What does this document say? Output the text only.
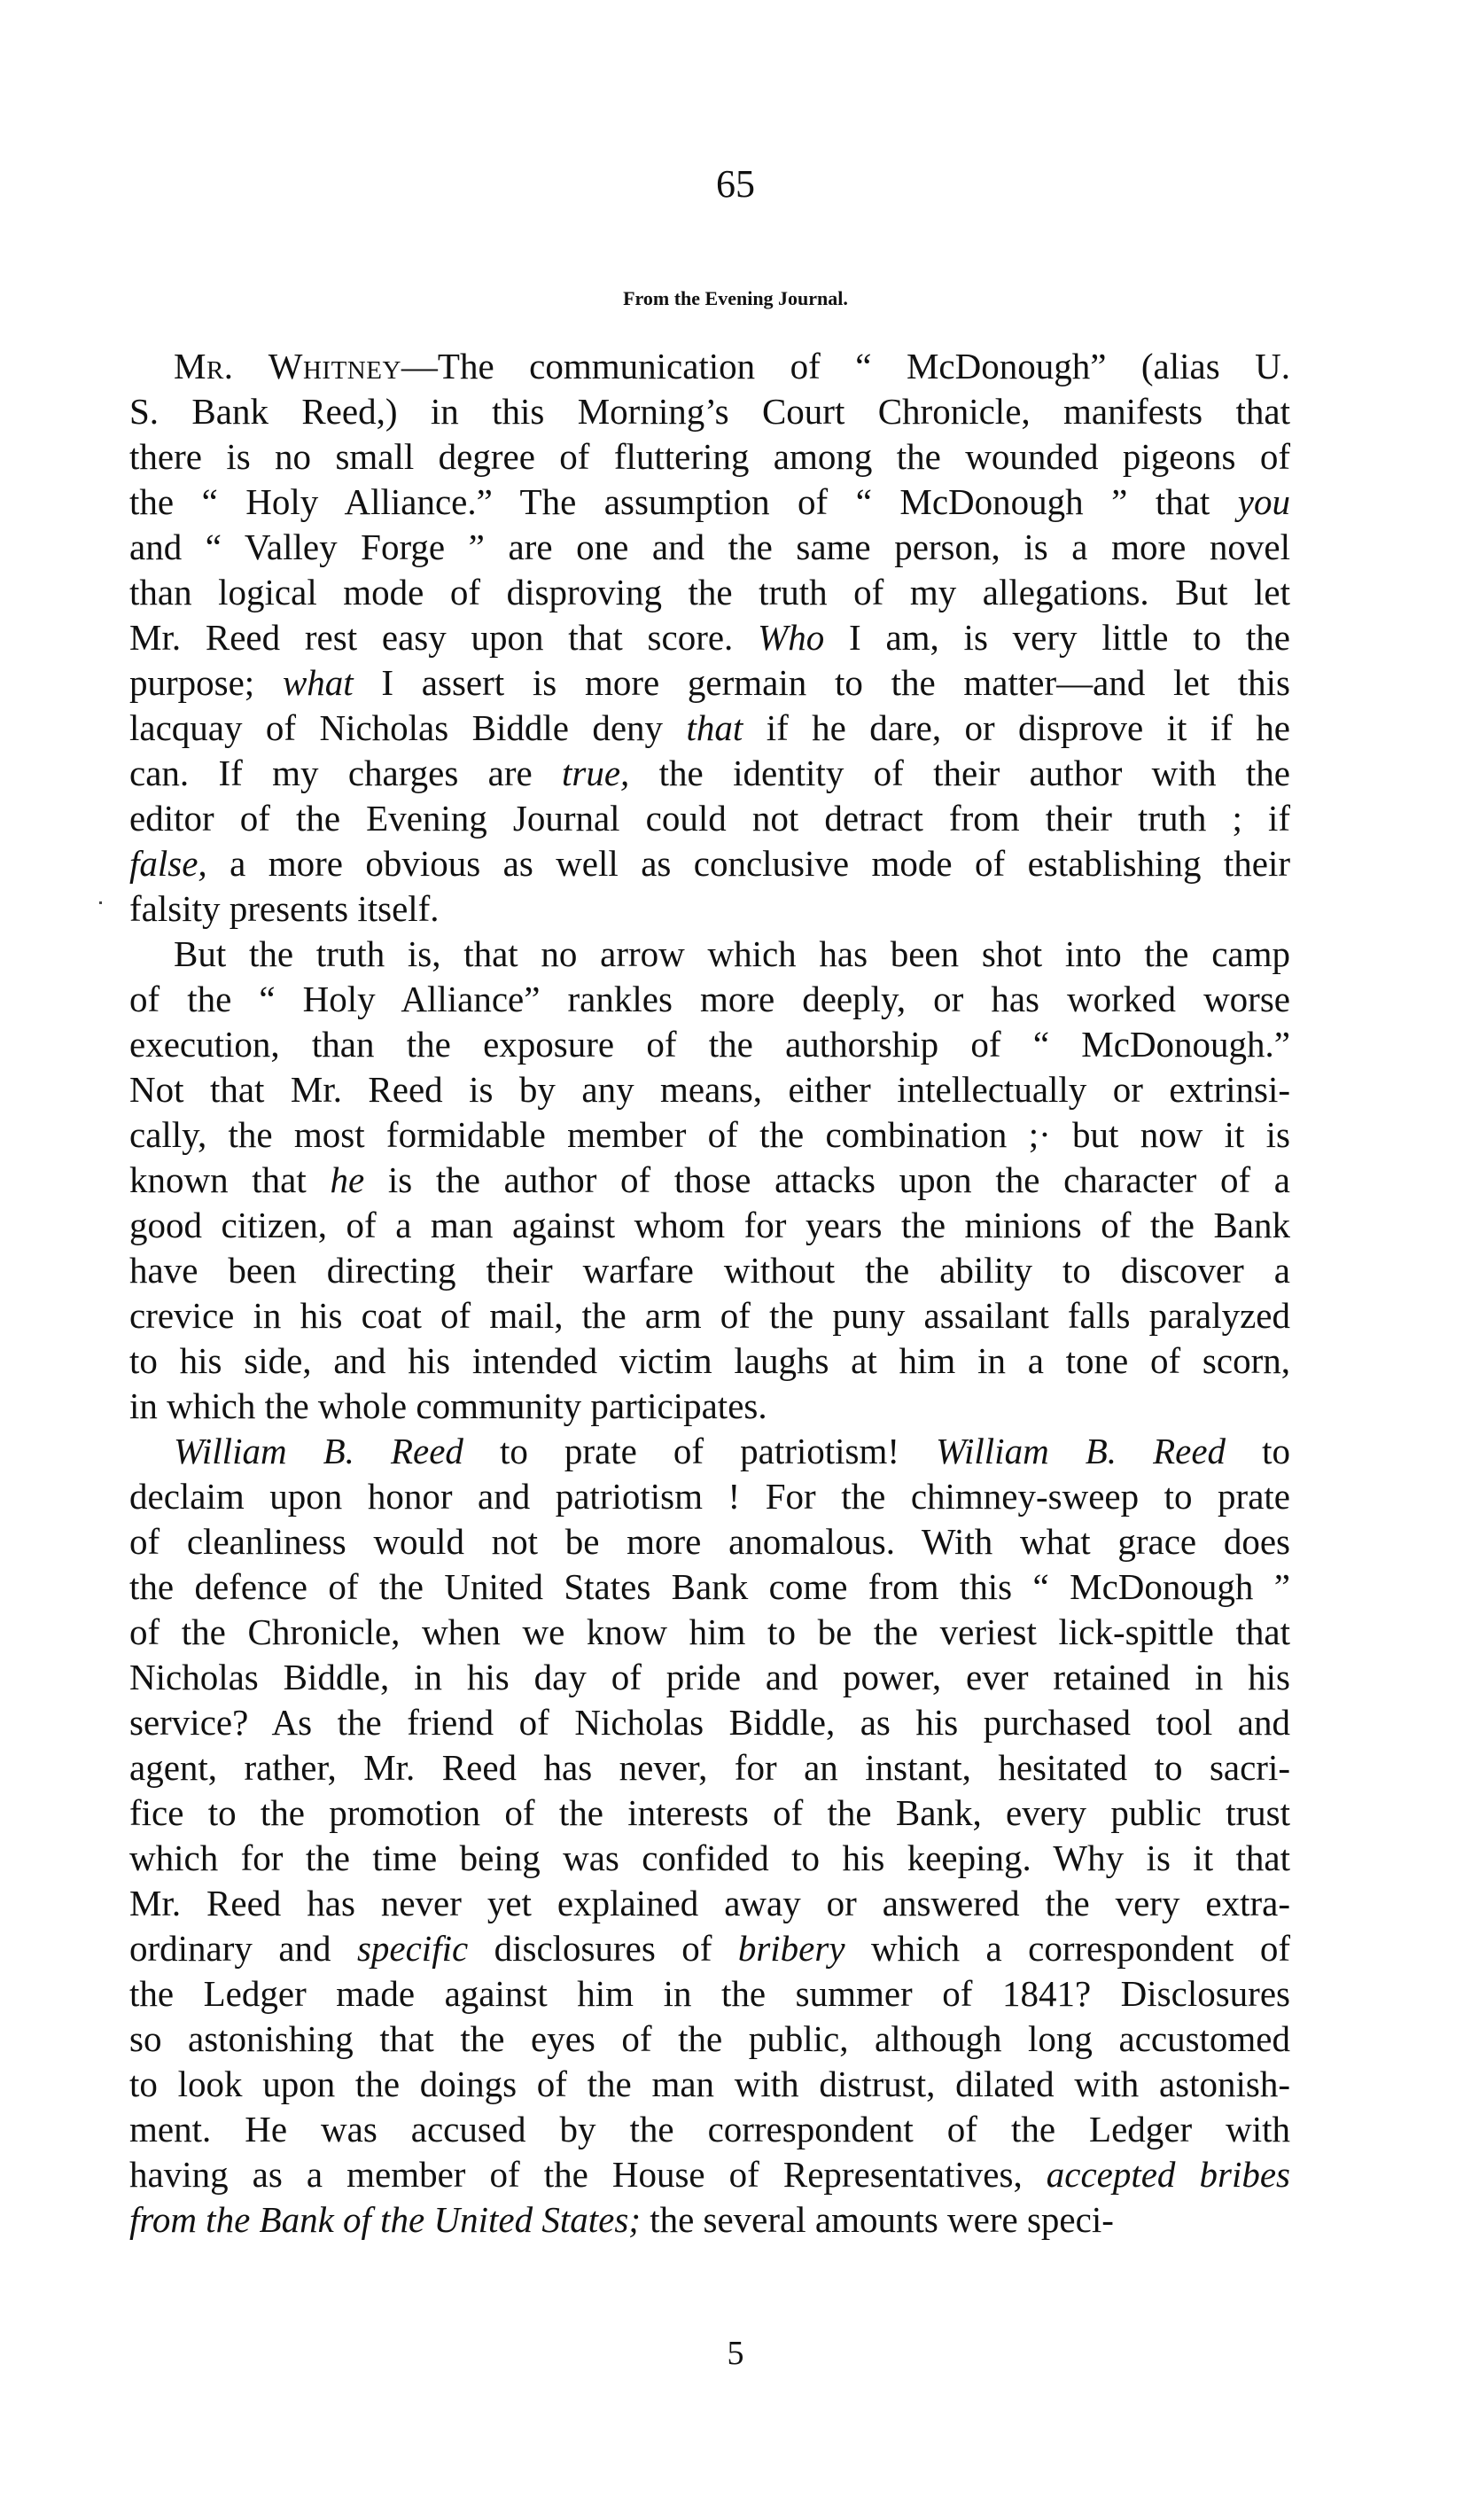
65
From the Evening Journal.
Mr. Whitney—The communication of “ McDonough” (alias U.
S. Bank Reed,) in this Morning’s Court Chronicle, manifests that
there is no small degree of fluttering among the wounded pigeons of
the “ Holy Alliance.” The assumption of “ McDonough ” that you
and “ Valley Forge ” are one and the same person, is a more novel
than logical mode of disproving the truth of my allegations. But let
Mr. Reed rest easy upon that score. Who I am, is very little to the
purpose; what I assert is more germain to the matter—and let this
lacquay of Nicholas Biddle deny that if he dare, or disprove it if he
can. If my charges are true, the identity of their author with the
editor of the Evening Journal could not detract from their truth ; if
false, a more obvious as well as conclusive mode of establishing their
falsity presents itself.
But the truth is, that no arrow which has been shot into the camp
of the “ Holy Alliance” rankles more deeply, or has worked worse
execution, than the exposure of the authorship of “ McDonough.”
Not that Mr. Reed is by any means, either intellectually or extrinsi-
cally, the most formidable member of the combination ;· but now it is
known that he is the author of those attacks upon the character of a
good citizen, of a man against whom for years the minions of the Bank
have been directing their warfare without the ability to discover a
crevice in his coat of mail, the arm of the puny assailant falls paralyzed
to his side, and his intended victim laughs at him in a tone of scorn,
in which the whole community participates.
William B. Reed to prate of patriotism! William B. Reed to
declaim upon honor and patriotism ! For the chimney-sweep to prate
of cleanliness would not be more anomalous. With what grace does
the defence of the United States Bank come from this “ McDonough ”
of the Chronicle, when we know him to be the veriest lick-spittle that
Nicholas Biddle, in his day of pride and power, ever retained in his
service? As the friend of Nicholas Biddle, as his purchased tool and
agent, rather, Mr. Reed has never, for an instant, hesitated to sacri-
fice to the promotion of the interests of the Bank, every public trust
which for the time being was confided to his keeping. Why is it that
Mr. Reed has never yet explained away or answered the very extra-
ordinary and specific disclosures of bribery which a correspondent of
the Ledger made against him in the summer of 1841? Disclosures
so astonishing that the eyes of the public, although long accustomed
to look upon the doings of the man with distrust, dilated with astonish-
ment. He was accused by the correspondent of the Ledger with
having as a member of the House of Representatives, accepted bribes
from the Bank of the United States; the several amounts were speci-
5
